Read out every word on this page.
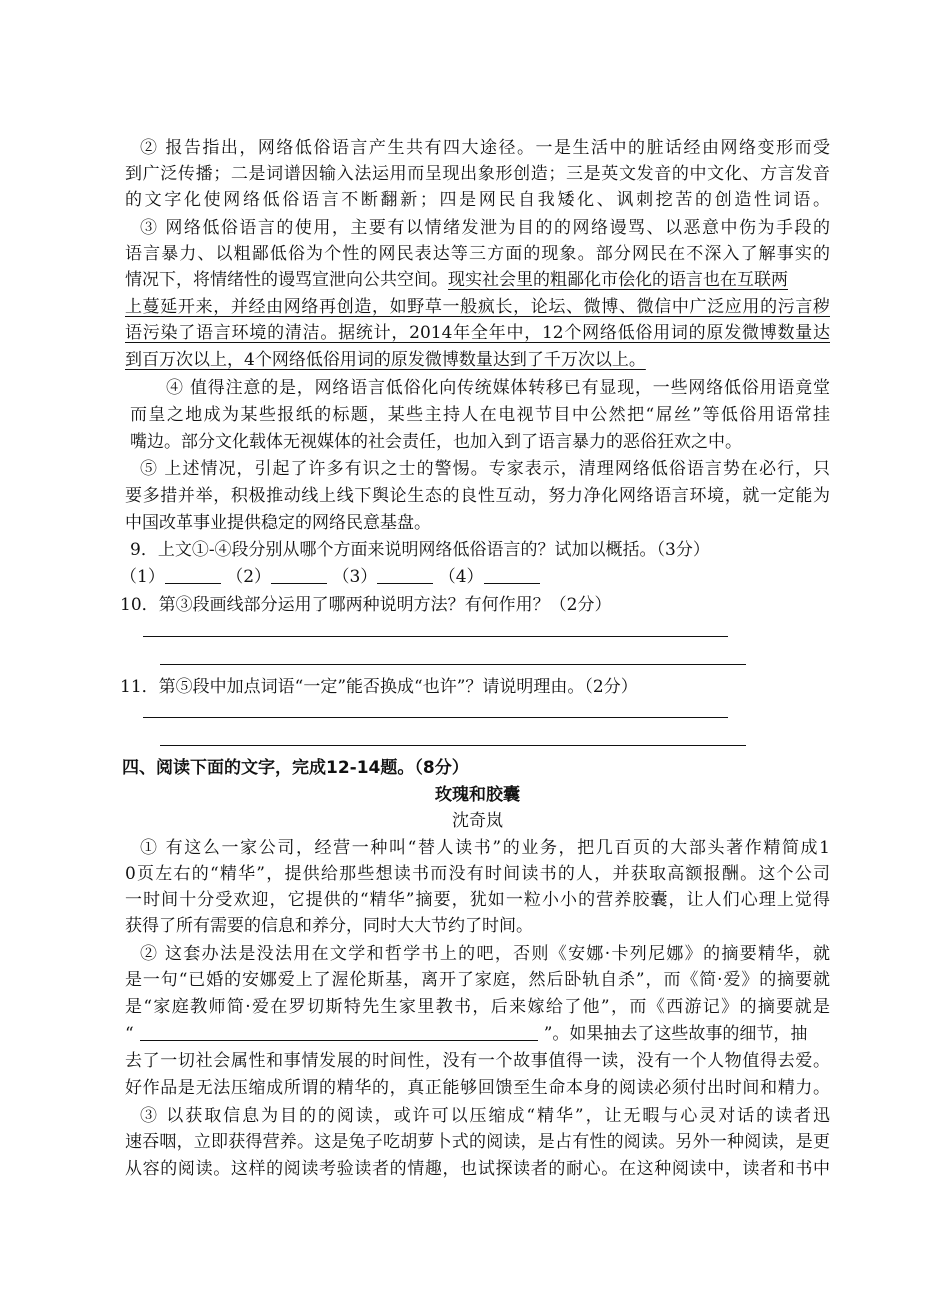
② 报告指出，网络低俗语言产生共有四大途径。一是生活中的脏话经由网络变形而受
到广泛传播；二是词谱因输入法运用而呈现出象形创造；三是英文发音的中文化、方言发音
的文字化使网络低俗语言不断翻新；四是网民自我矮化、讽刺挖苦的创造性词语。
③ 网络低俗语言的使用，主要有以情绪发泄为目的的网络谩骂、以恶意中伤为手段的
语言暴力、以粗鄙低俗为个性的网民表达等三方面的现象。部分网民在不深入了解事实的
情况下，将情绪性的谩骂宣泄向公共空间。现实社会里的粗鄙化市侩化的语言也在互联两
上蔓延开来，并经由网络再创造，如野草一般疯长，论坛、微博、微信中广泛应用的污言秽
语污染了语言环境的清洁。据统计，2014年全年中，12个网络低俗用词的原发微博数量达
到百万次以上，4个网络低俗用词的原发微博数量达到了千万次以上。
④ 值得注意的是，网络语言低俗化向传统媒体转移已有显现，一些网络低俗用语竟堂
而皇之地成为某些报纸的标题，某些主持人在电视节目中公然把“屌丝”等低俗用语常挂
嘴边。部分文化载体无视媒体的社会责任，也加入到了语言暴力的恶俗狂欢之中。
⑤ 上述情况，引起了许多有识之士的警惕。专家表示，清理网络低俗语言势在必行，只
要多措并举，积极推动线上线下舆论生态的良性互动，努力净化网络语言环境，就一定能为
中国改革事业提供稳定的网络民意基盘。
9．上文①-④段分别从哪个方面来说明网络低俗语言的？试加以概括。（3分）
（1）	（2）	（3）	（4）
10．第③段画线部分运用了哪两种说明方法？有何作用？（2分）
11．第⑤段中加点词语“一定”能否换成“也许”？请说明理由。（2分）
四、阅读下面的文字，完成12-14题。（8分）
玫瑰和胶囊
沈奇岚
① 有这么一家公司，经营一种叫“替人读书”的业务，把几百页的大部头著作精简成1
0页左右的“精华”，提供给那些想读书而没有时间读书的人，并获取高额报酬。这个公司
一时间十分受欢迎，它提供的“精华”摘要，犹如一粒小小的营养胶囊，让人们心理上觉得
获得了所有需要的信息和养分，同时大大节约了时间。
② 这套办法是没法用在文学和哲学书上的吧，否则《安娜·卡列尼娜》的摘要精华，就
是一句“已婚的安娜爱上了渥伦斯基，离开了家庭，然后卧轨自杀”，而《简·爱》的摘要就
是“家庭教师简·爱在罗切斯特先生家里教书，后来嫁给了他”，而《西游记》的摘要就是
“	”。如果抽去了这些故事的细节，抽
去了一切社会属性和事情发展的时间性，没有一个故事值得一读，没有一个人物值得去爱。
好作品是无法压缩成所谓的精华的，真正能够回馈至生命本身的阅读必须付出时间和精力。
③ 以获取信息为目的的阅读，或许可以压缩成“精华”，让无暇与心灵对话的读者迅
速吞咽，立即获得营养。这是兔子吃胡萝卜式的阅读，是占有性的阅读。另外一种阅读，是更
从容的阅读。这样的阅读考验读者的情趣，也试探读者的耐心。在这种阅读中，读者和书中
